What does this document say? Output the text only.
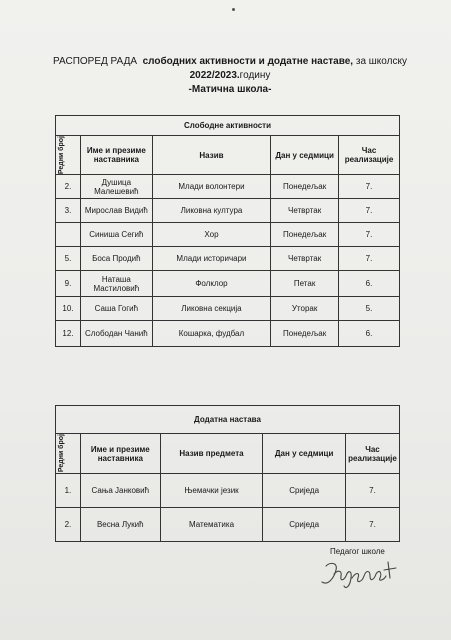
РАСПОРЕД РАДА слободних активности и додатне наставе, за школску
2022/2023.годину
-Матична школа-
Слободне активности				

Редни број	Име и презиме наставника	Назив	Дан у седмици	Час реализације
2.	Душица Малешевић	Млади волонтери	Понедељак	7.
3.	Мирослав Видић	Ликовна култура	Четвртак	7.
	Синиша Сегић	Хор	Понедељак	7.
5.	Боса Продић	Млади историчари	Четвртак	7.
9.	Наташа Мастиловић	Фолклор	Петак	6.
10.	Саша Гогић	Ликовна секција	Уторак	5.
12.	Слободан Чанић	Кошарка, фудбал	Понедељак	6.
Додатна настава				

Редни број	Име и презиме наставника	Назив предмета	Дан у седмици	Час реализације
1.	Сања Јанковић	Њемачки језик	Сриједа	7.
2.	Весна Лукић	Математика	Сриједа	7.
Педагог школе
